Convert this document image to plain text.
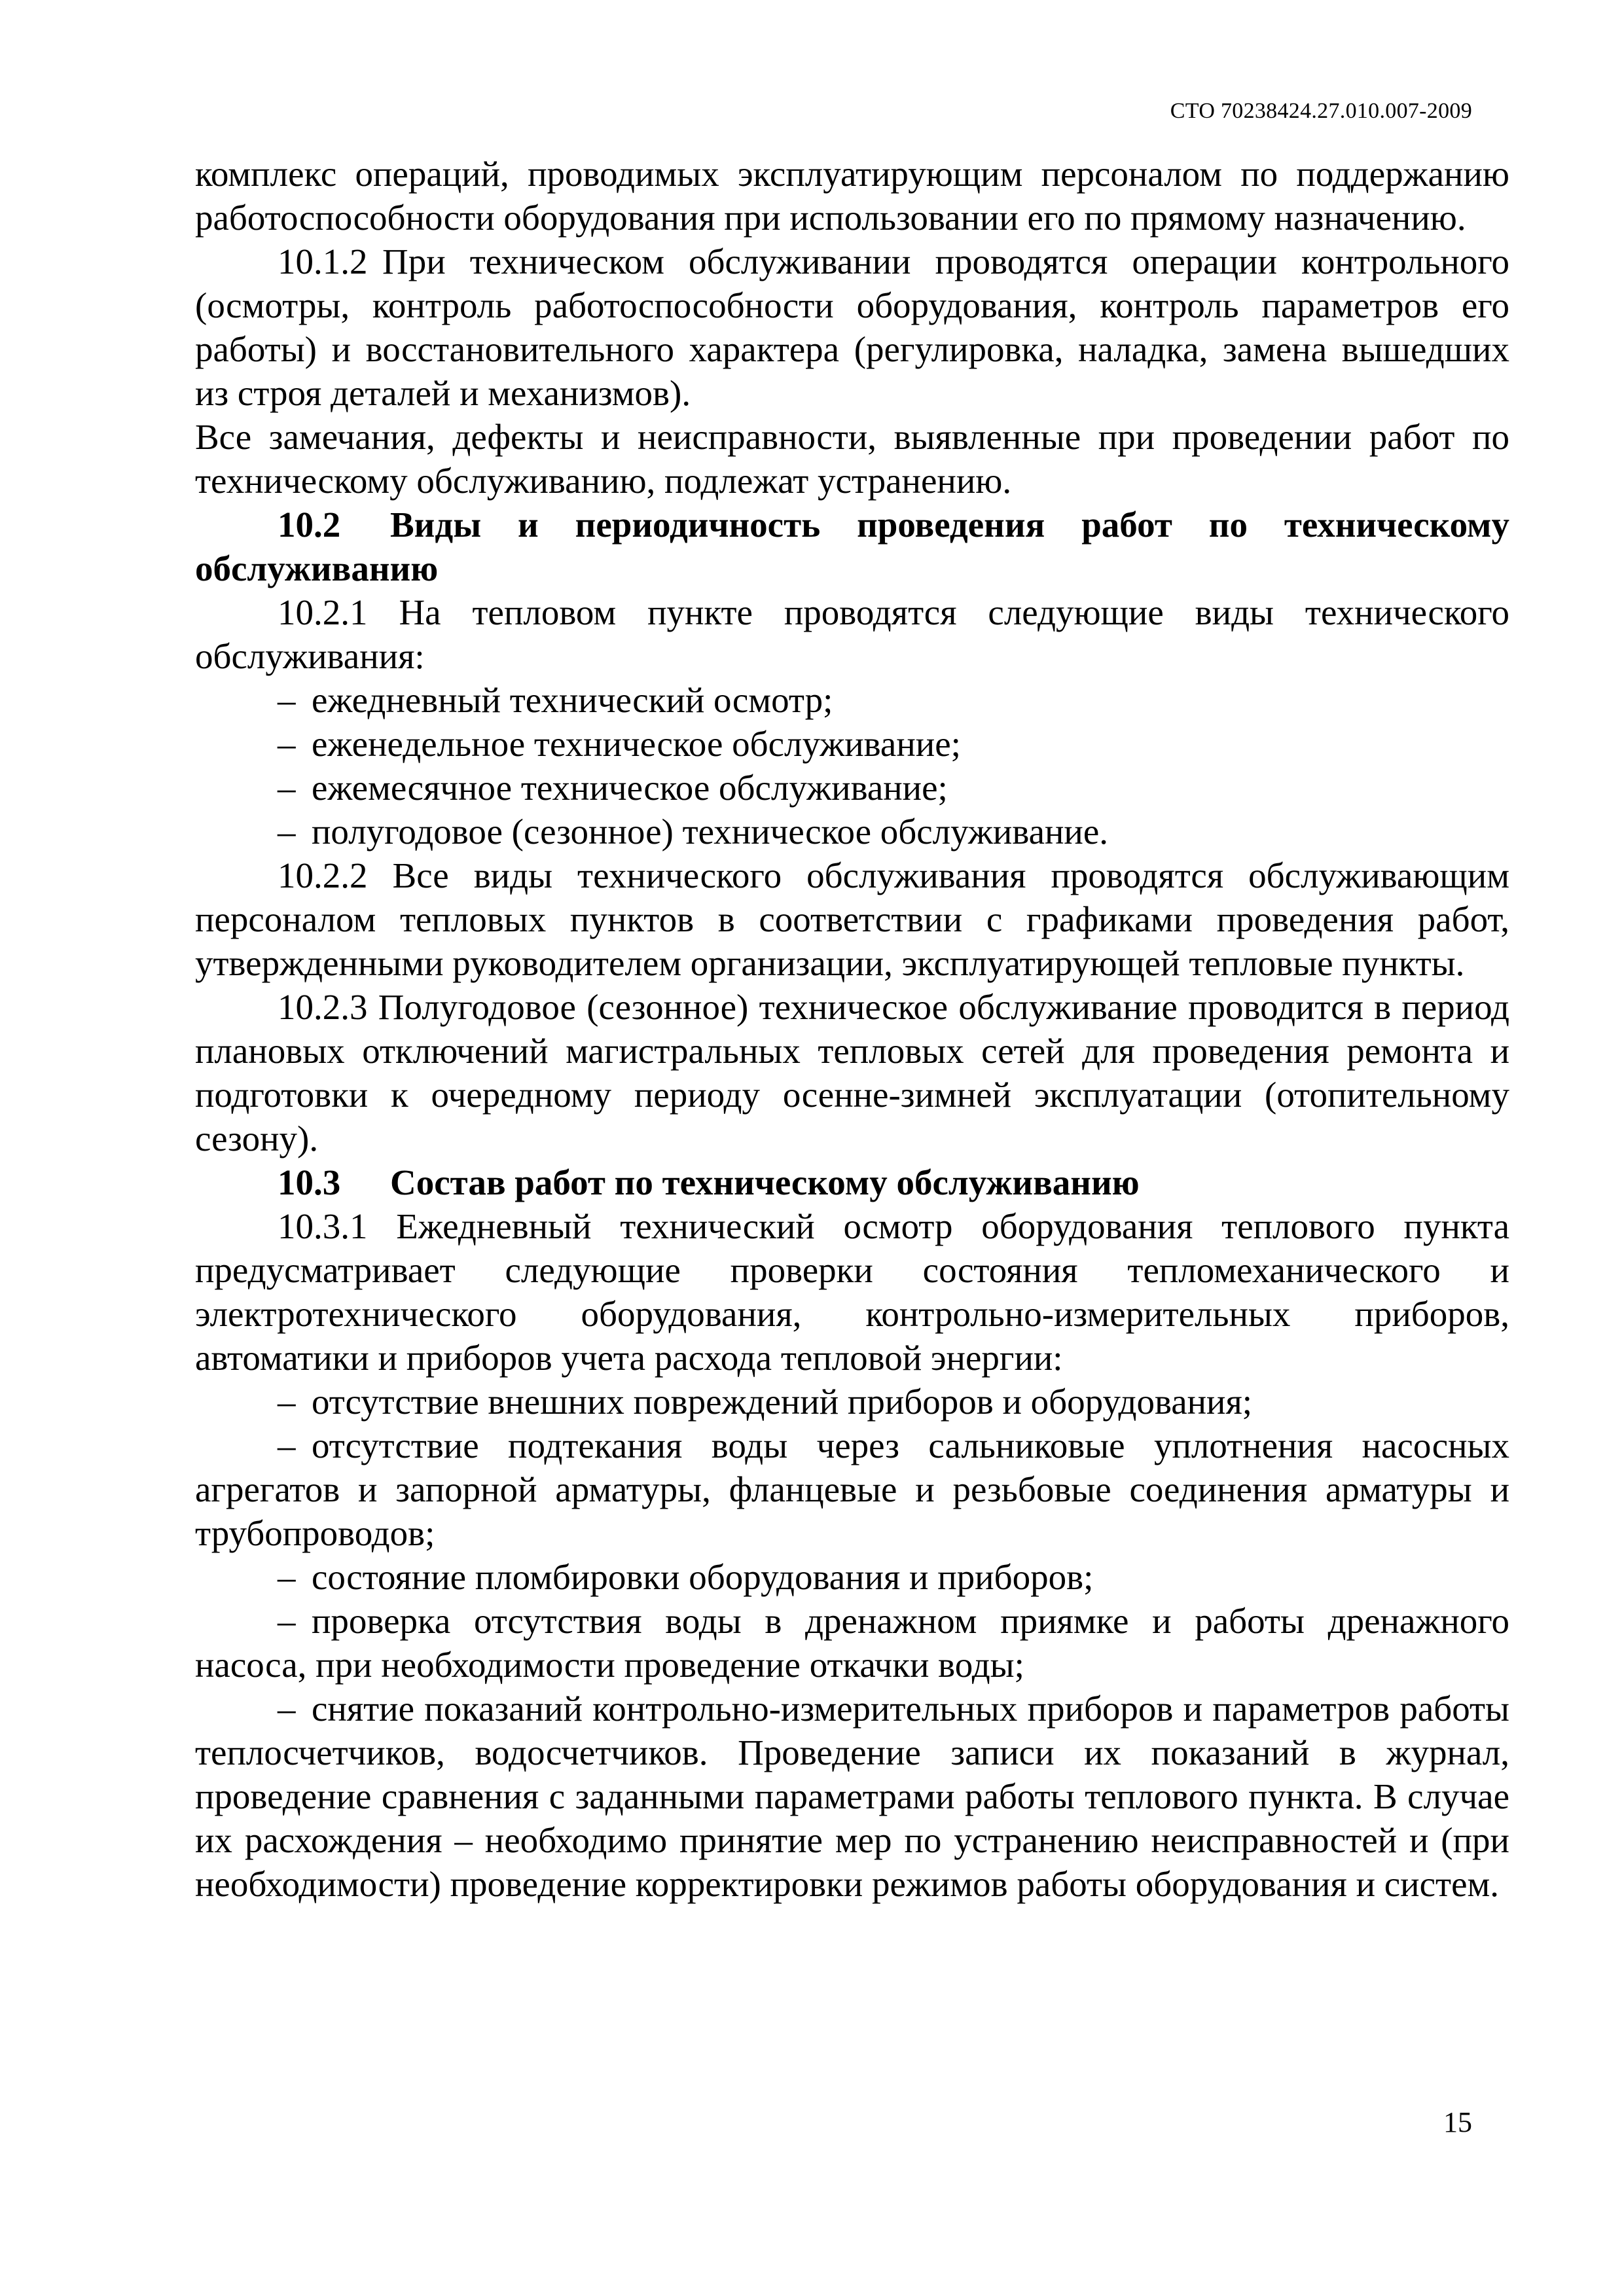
СТО 70238424.27.010.007-2009

комплекс операций, проводимых эксплуатирующим персоналом по поддержанию работоспособности оборудования при использовании его по прямому назначению.

10.1.2 При техническом обслуживании проводятся операции контрольного (осмотры, контроль работоспособности оборудования, контроль параметров его работы) и восстановительного характера (регулировка, наладка, замена вышедших из строя деталей и механизмов).

Все замечания, дефекты и неисправности, выявленные при проведении работ по техническому обслуживанию, подлежат устранению.

10.2 Виды и периодичность проведения работ по техническому обслуживанию

10.2.1 На тепловом пункте проводятся следующие виды технического обслуживания:

– ежедневный технический осмотр;

– еженедельное техническое обслуживание;

– ежемесячное техническое обслуживание;

– полугодовое (сезонное) техническое обслуживание.

10.2.2 Все виды технического обслуживания проводятся обслуживающим персоналом тепловых пунктов в соответствии с графиками проведения работ, утвержденными руководителем организации, эксплуатирующей тепловые пункты.

10.2.3 Полугодовое (сезонное) техническое обслуживание проводится в период плановых отключений магистральных тепловых сетей для проведения ремонта и подготовки к очередному периоду осенне-зимней эксплуатации (отопительному сезону).

10.3 Состав работ по техническому обслуживанию

10.3.1 Ежедневный технический осмотр оборудования теплового пункта предусматривает следующие проверки состояния тепломеханического и электротехнического оборудования, контрольно-измерительных приборов, автоматики и приборов учета расхода тепловой энергии:

– отсутствие внешних повреждений приборов и оборудования;

– отсутствие подтекания воды через сальниковые уплотнения насосных агрегатов и запорной арматуры, фланцевые и резьбовые соединения арматуры и трубопроводов;

– состояние пломбировки оборудования и приборов;

– проверка отсутствия воды в дренажном приямке и работы дренажного насоса, при необходимости проведение откачки воды;

– снятие показаний контрольно-измерительных приборов и параметров работы теплосчетчиков, водосчетчиков. Проведение записи их показаний в журнал, проведение сравнения с заданными параметрами работы теплового пункта. В случае их расхождения – необходимо принятие мер по устранению неисправностей и (при необходимости) проведение корректировки режимов работы оборудования и систем.

15
